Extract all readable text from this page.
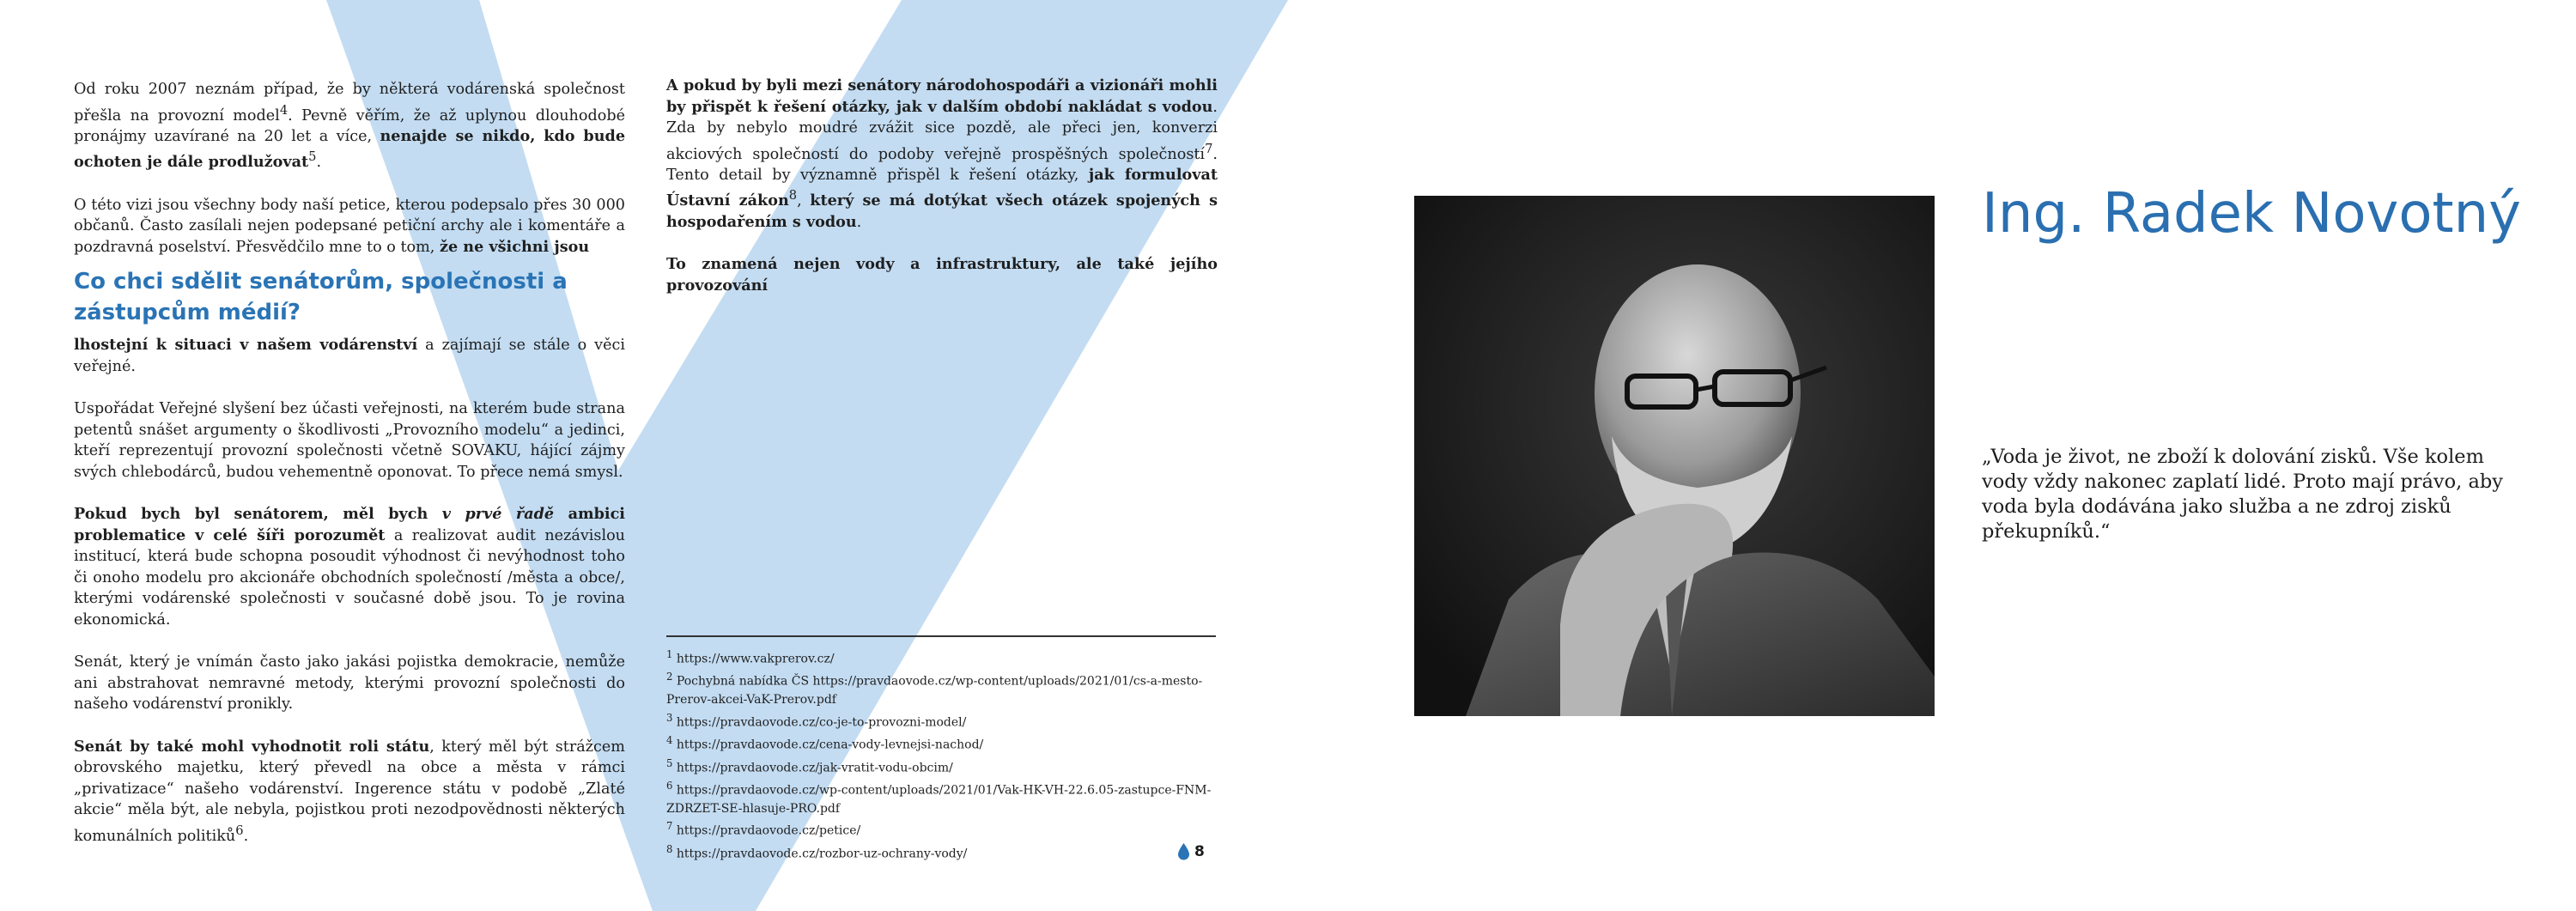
Od roku 2007 neznám případ, že by některá vodárenská společnost přešla na provozní model$^4$. Pevně věřím, že až uplynou dlouhodobé pronájmy uzavírané na 20 let a více, nenajde se nikdo, kdo bude ochoten je dále prodlužovat$^5$.

O této vizi jsou všechny body naší petice, kterou podepsalo přes 30 000 občanů. Často zasílali nejen podepsané petiční archy ale i komentáře a pozdravná poselství. Přesvědčilo mne to o tom, že ne všichni jsou

Co chci sdělit senátorům, společnosti a zástupcům médií?

lhostejní k situaci v našem vodárenství a zajímají se stále o věci veřejné.

Uspořádat Veřejné slyšení bez účasti veřejnosti, na kterém bude strana petentů snášet argumenty o škodlivosti „Provozního modelu“ a jedinci, kteří reprezentují provozní společnosti včetně SOVAKU, hájící zájmy svých chlebodárců, budou vehementně oponovat. To přece nemá smysl.

Pokud bych byl senátorem, měl bych v prvé řadě ambici problematice v celé šíři porozumět a realizovat audit nezávislou institucí, která bude schopna posoudit výhodnost či nevýhodnost toho či onoho modelu pro akcionáře obchodních společností /města a obce/, kterými vodárenské společnosti v současné době jsou. To je rovina ekonomická.

Senát, který je vnímán často jako jakási pojistka demokracie, nemůže ani abstrahovat nemravné metody, kterými provozní společnosti do našeho vodárenství pronikly.

Senát by také mohl vyhodnotit roli státu, který měl být strážcem obrovského majetku, který převedl na obce a města v rámci „privatizace“ našeho vodárenství. Ingerence státu v podobě „Zlaté akcie“ měla být, ale nebyla, pojistkou proti nezodpovědnosti některých komunálních politiků$^6$.

A pokud by byli mezi senátory národohospodáři a vizionáři mohli by přispět k řešení otázky, jak v dalším období nakládat s vodou. Zda by nebylo moudré zvážit sice pozdě, ale přeci jen, konverzi akciových společností do podoby veřejně prospěšných společností$^7$. Tento detail by významně přispěl k řešení otázky, jak formulovat Ústavní zákon$^8$, který se má dotýkat všech otázek spojených s hospodařením s vodou.

To znamená nejen vody a infrastruktury, ale také jejího provozování

$^1$ https://www.vakprerov.cz/
$^2$ Pochybná nabídka ČS https://pravdaovode.cz/wp-content/uploads/2021/01/cs-a-mesto-Prerov-akcei-VaK-Prerov.pdf
$^3$ https://pravdaovode.cz/co-je-to-provozni-model/
$^4$ https://pravdaovode.cz/cena-vody-levnejsi-nachod/
$^5$ https://pravdaovode.cz/jak-vratit-vodu-obcim/
$^6$ https://pravdaovode.cz/wp-content/uploads/2021/01/Vak-HK-VH-22.6.05-zastupce-FNM-ZDRZET-SE-hlasuje-PRO.pdf
$^7$ https://pravdaovode.cz/petice/
$^8$ https://pravdaovode.cz/rozbor-uz-ochrany-vody/	8
Ing. Radek Novotný
„Voda je život, ne zboží k dolování zisků. Vše kolem vody vždy nakonec zaplatí lidé. Proto mají právo, aby voda byla dodávána jako služba a ne zdroj zisků překupníků.“
